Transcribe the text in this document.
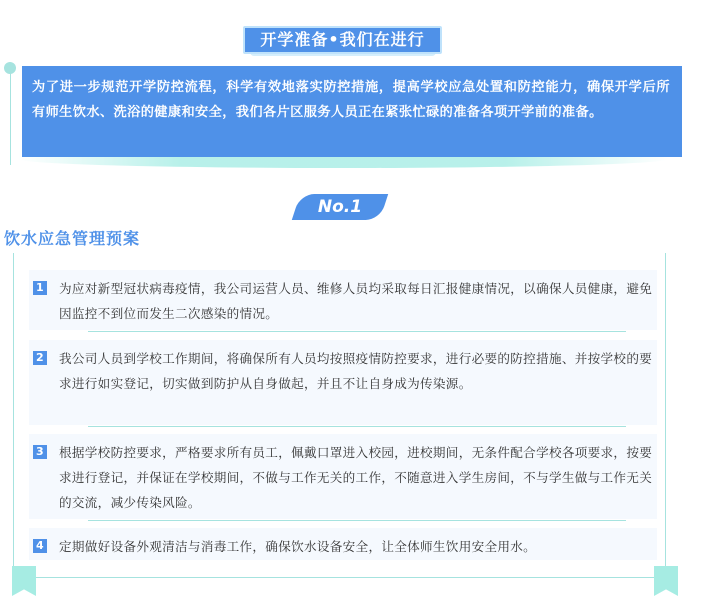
开学准备•我们在进行
为了进一步规范开学防控流程，科学有效地落实防控措施，提高学校应急处置和防控能力，确保开学后所有师生饮水、洗浴的健康和安全，我们各片区服务人员正在紧张忙碌的准备各项开学前的准备。
No.1
饮水应急管理预案
1 为应对新型冠状病毒疫情，我公司运营人员、维修人员均采取每日汇报健康情况，以确保人员健康，避免因监控不到位而发生二次感染的情况。
2 我公司人员到学校工作期间，将确保所有人员均按照疫情防控要求，进行必要的防控措施、并按学校的要求进行如实登记，切实做到防护从自身做起，并且不让自身成为传染源。
3 根据学校防控要求，严格要求所有员工，佩戴口罩进入校园，进校期间，无条件配合学校各项要求，按要求进行登记，并保证在学校期间，不做与工作无关的工作，不随意进入学生房间，不与学生做与工作无关的交流，减少传染风险。
4 定期做好设备外观清洁与消毒工作，确保饮水设备安全，让全体师生饮用安全用水。
